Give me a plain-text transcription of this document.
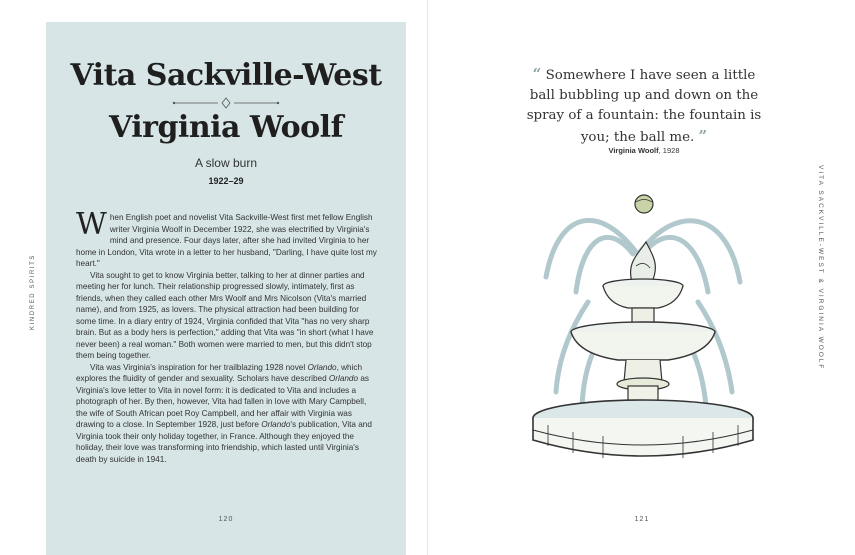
Vita Sackville-West
Virginia Woolf
A slow burn
1922–29

When English poet and novelist Vita Sackville-West first met fellow English writer Virginia Woolf in December 1922, she was electrified by Virginia's mind and presence. Four days later, after she had invited Virginia to her home in London, Vita wrote in a letter to her husband, "Darling, I have quite lost my heart."

Vita sought to get to know Virginia better, talking to her at dinner parties and meeting her for lunch. Their relationship progressed slowly, intimately, first as friends, when they called each other Mrs Woolf and Mrs Nicolson (Vita's married name), and from 1925, as lovers. The physical attraction had been building for some time. In a diary entry of 1924, Virginia confided that Vita "has no very sharp brain. But as a body hers is perfection," adding that Vita was "in short (what I have never been) a real woman." Both women were married to men, but this didn't stop them being together.

Vita was Virginia's inspiration for her trailblazing 1928 novel Orlando, which explores the fluidity of gender and sexuality. Scholars have described Orlando as Virginia's love letter to Vita in novel form: it is dedicated to Vita and includes a photograph of her. By then, however, Vita had fallen in love with Mary Campbell, the wife of South African poet Roy Campbell, and her affair with Virginia was drawing to a close. In September 1928, just before Orlando's publication, Vita and Virginia took their only holiday together, in France. Although they enjoyed the holiday, their love was transforming into friendship, which lasted until Virginia's death by suicide in 1941.

KINDRED SPIRITS
120
“ Somewhere I have seen a little ball bubbling up and down on the spray of a fountain: the fountain is you; the ball me. ”
Virginia Woolf, 1928
VITA SACKVILLE-WEST & VIRGINIA WOOLF
121
